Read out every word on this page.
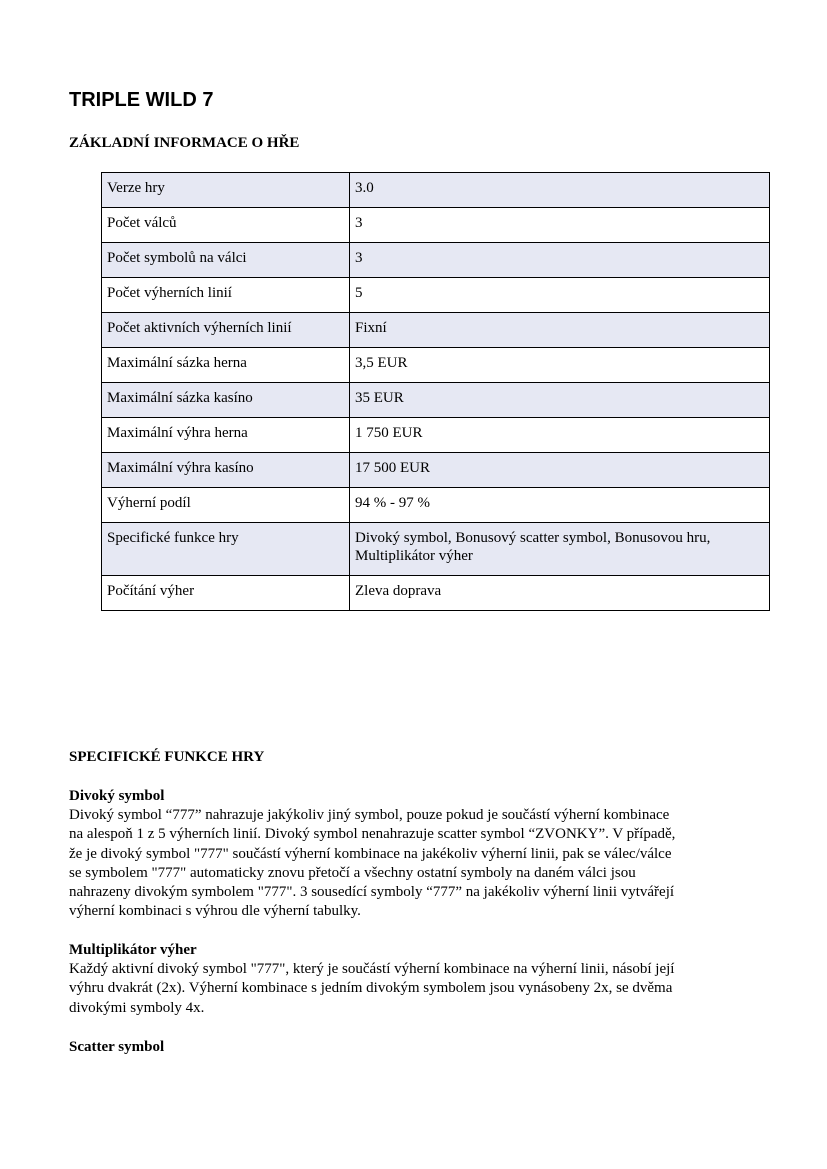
TRIPLE WILD 7
ZÁKLADNÍ INFORMACE O HŘE
Verze hry	3.0
Počet válců	3
Počet symbolů na válci	3
Počet výherních linií	5
Počet aktivních výherních linií	Fixní
Maximální sázka herna	3,5 EUR
Maximální sázka kasíno	35 EUR
Maximální výhra herna	1 750 EUR
Maximální výhra kasíno	17 500 EUR
Výherní podíl	94 % - 97 %
Specifické funkce hry	Divoký symbol, Bonusový scatter symbol, Bonusovou hru, Multiplikátor výher
Počítání výher	Zleva doprava
SPECIFICKÉ FUNKCE HRY
Divoký symbol
Divoký symbol “777” nahrazuje jakýkoliv jiný symbol, pouze pokud je součástí výherní kombinace
na alespoň 1 z 5 výherních linií. Divoký symbol nenahrazuje scatter symbol “ZVONKY”. V případě,
že je divoký symbol "777" součástí výherní kombinace na jakékoliv výherní linii, pak se válec/válce
se symbolem "777" automaticky znovu přetočí a všechny ostatní symboly na daném válci jsou
nahrazeny divokým symbolem "777". 3 sousedící symboly “777” na jakékoliv výherní linii vytvářejí
výherní kombinaci s výhrou dle výherní tabulky.
Multiplikátor výher
Každý aktivní divoký symbol "777", který je součástí výherní kombinace na výherní linii, násobí její
výhru dvakrát (2x). Výherní kombinace s jedním divokým symbolem jsou vynásobeny 2x, se dvěma
divokými symboly 4x.
Scatter symbol
